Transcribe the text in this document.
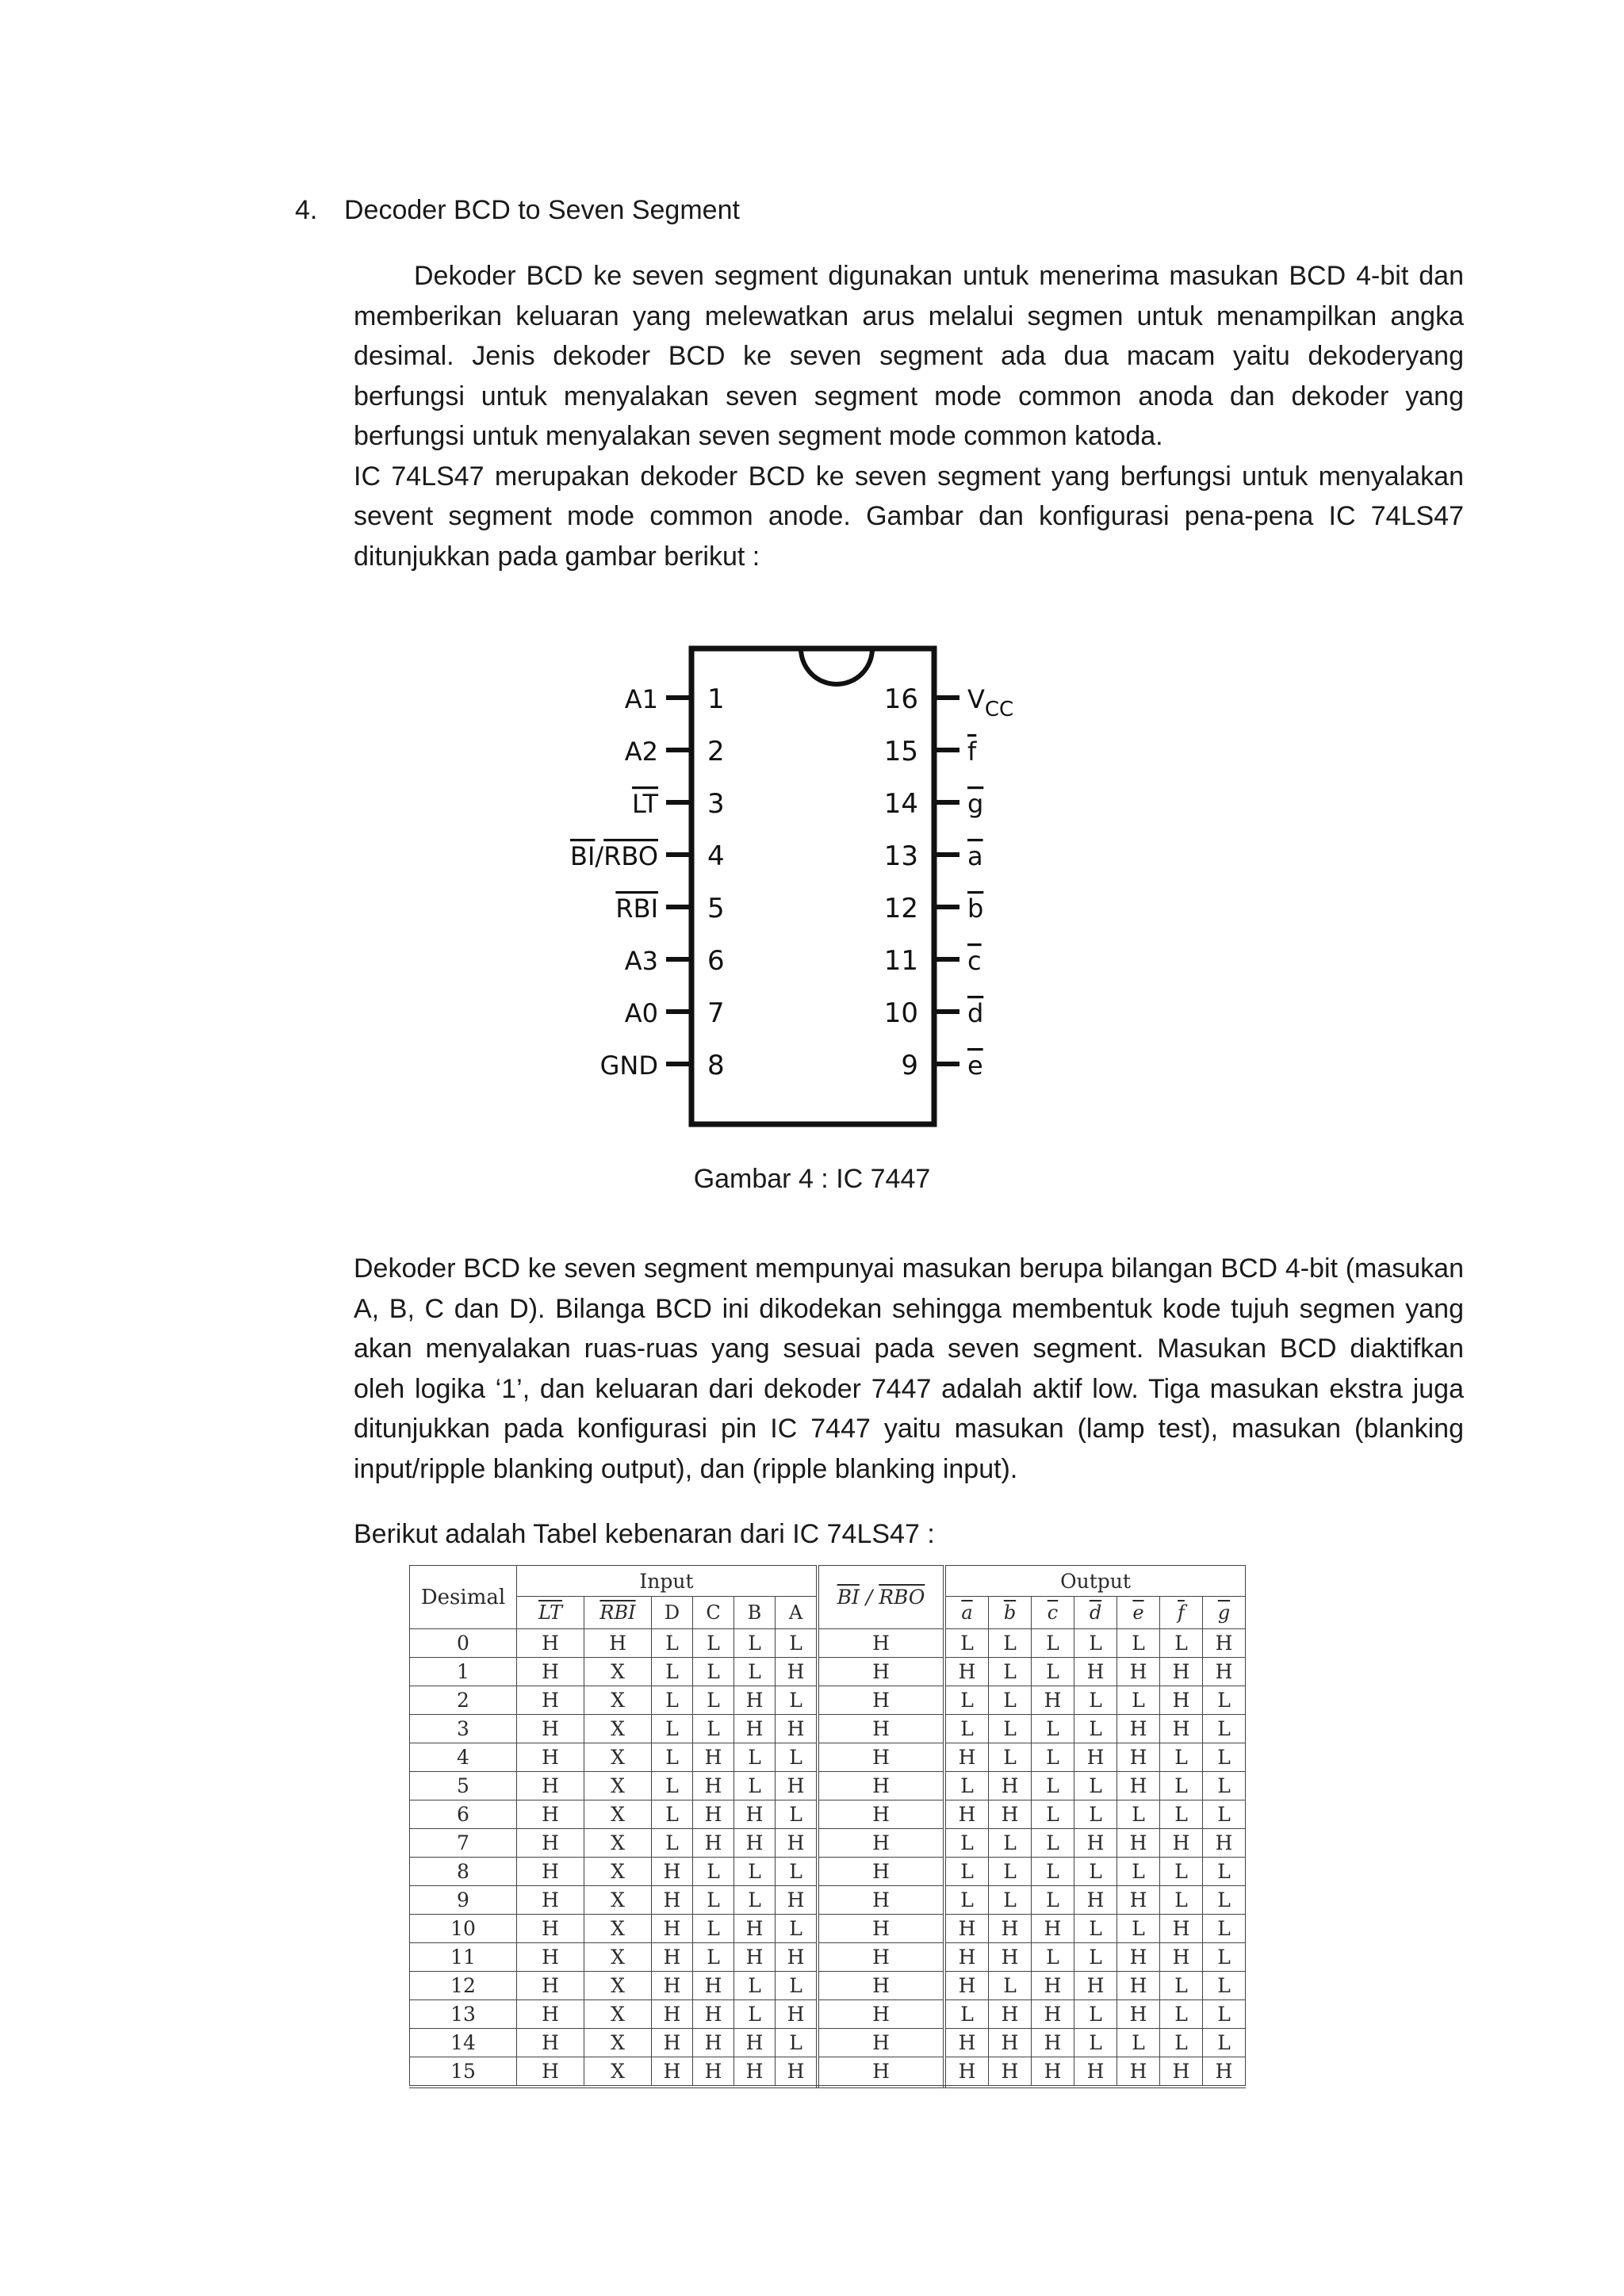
4. Decoder BCD to Seven Segment

Dekoder BCD ke seven segment digunakan untuk menerima masukan BCD 4-bit dan memberikan keluaran yang melewatkan arus melalui segmen untuk menampilkan angka desimal. Jenis dekoder BCD ke seven segment ada dua macam yaitu dekoderyang berfungsi untuk menyalakan seven segment mode common anoda dan dekoder yang berfungsi untuk menyalakan seven segment mode common katoda.

IC 74LS47 merupakan dekoder BCD ke seven segment yang berfungsi untuk menyalakan sevent segment mode common anode. Gambar dan konfigurasi pena-pena IC 74LS47 ditunjukkan pada gambar berikut :

1
A1
2
A2
3
LT
4
BI/RBO
5
RBI
6
A3
7
A0
8
GND
16 $V_{CC}$
15 f
14 g
13 a
12 b
11 c
10 d
9 e
Gambar 4 : IC 7447

Dekoder BCD ke seven segment mempunyai masukan berupa bilangan BCD 4-bit (masukan A, B, C dan D). Bilanga BCD ini dikodekan sehingga membentuk kode tujuh segmen yang akan menyalakan ruas-ruas yang sesuai pada seven segment. Masukan BCD diaktifkan oleh logika ‘1’, dan keluaran dari dekoder 7447 adalah aktif low. Tiga masukan ekstra juga ditunjukkan pada konfigurasi pin IC 7447 yaitu masukan (lamp test), masukan (blanking input/ripple blanking output), dan (ripple blanking input).

Berikut adalah Tabel kebenaran dari IC 74LS47 :

Desimal	Input						$\overline{BI} / \overline{RBO}$	Output						
	$\overline{LT}$	$\overline{RBI}$	D	C	B	A		$\overline{a}$	$\overline{b}$	$\overline{c}$	$\overline{d}$	$\overline{e}$	$\overline{f}$	$\overline{g}$
0	H	H	L	L	L	L	H	L	L	L	L	L	L	H
1	H	X	L	L	L	H	H	H	L	L	H	H	H	H
2	H	X	L	L	H	L	H	L	L	H	L	L	H	L
3	H	X	L	L	H	H	H	L	L	L	L	H	H	L
4	H	X	L	H	L	L	H	H	L	L	H	H	L	L
5	H	X	L	H	L	H	H	L	H	L	L	H	L	L
6	H	X	L	H	H	L	H	H	H	L	L	L	L	L
7	H	X	L	H	H	H	H	L	L	L	H	H	H	H
8	H	X	H	L	L	L	H	L	L	L	L	L	L	L
9	H	X	H	L	L	H	H	L	L	L	H	H	L	L
10	H	X	H	L	H	L	H	H	H	H	L	L	H	L
11	H	X	H	L	H	H	H	H	H	L	L	H	H	L
12	H	X	H	H	L	L	H	H	L	H	H	H	L	L
13	H	X	H	H	L	H	H	L	H	H	L	H	L	L
14	H	X	H	H	H	L	H	H	H	H	L	L	L	L
15	H	X	H	H	H	H	H	H	H	H	H	H	H	H
